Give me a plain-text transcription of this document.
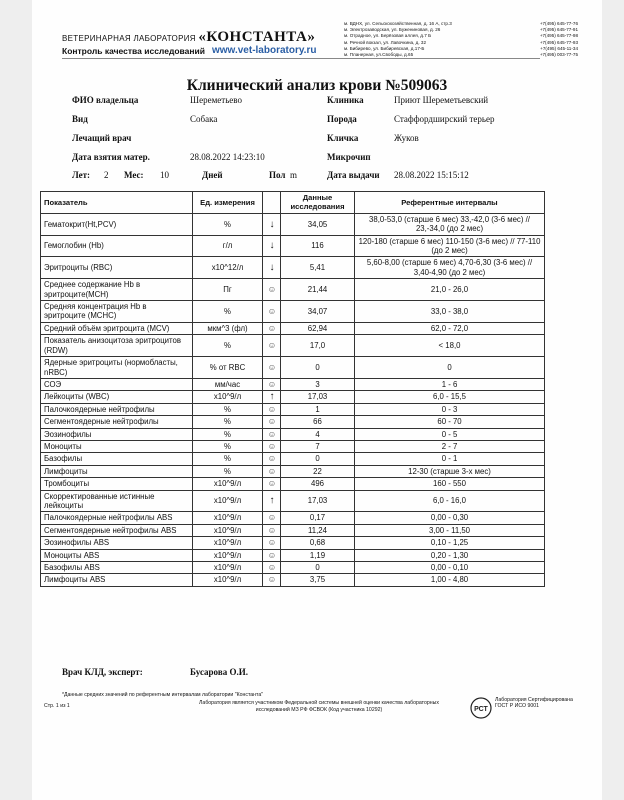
ВЕТЕРИНАРНАЯ ЛАБОРАТОРИЯ «КОНСТАНТА»
Контроль качества исследований www.vet-laboratory.ru
м. ВДНХ, ул. Сельскохозяйственная, д. 16 А, стр.3	+7(495) 645-77-76
м. Электрозаводская, ул. Бужениновая, д. 26	+7(495) 645-77-91
м. Отрадное, ул. Берёзовая аллея, д.7 Б	+7(495) 645-77-98
м. Речной вокзал, ул. Лавочкина, д. 32	+7(495) 645-77-93
м. Бибирево, ул. Бибиревская, д.17-Б	+7(495) 645-11-34
м. Планерная, ул.Свободы, д.65	+7(495) 003-77-75
Клинический анализ крови №509063
ФИО владельца	Шереметьево	Клиника	Приют Шереметьевский
Вид	Собака	Порода	Стаффордширский терьер
Лечащий врач	Кличка	Жуков
Дата взятия матер.	28.08.2022 14:23:10	Микрочип
Лет: 2 Мес: 10	Дней	Пол m	Дата выдачи 28.08.2022 15:15:12
Показатель	Ед. измерения		Данные исследования	Референтные интервалы
Гематокрит(Ht,PCV)	%	↓	34,05	38,0-53,0 (старше 6 мес) 33,-42,0 (3-6 мес) // 23,-34,0 (до 2 мес)
Гемоглобин (Hb)	г/л	↓	116	120-180 (старше 6 мес) 110-150 (3-6 мес) // 77-110 (до 2 мес)
Эритроциты (RBC)	х10^12/л	↓	5,41	5,60-8,00 (старше 6 мес) 4,70-6,30 (3-6 мес) // 3,40-4,90 (до 2 мес)
Среднее содержание Hb в эритроците(MCH)	Пг	☺	21,44	21,0 - 26,0
Средняя концентрация Hb в эритроците (MCHC)	%	☺	34,07	33,0 - 38,0
Средний объём эритроцита (MCV)	мкм^3 (фл)	☺	62,94	62,0 - 72,0
Показатель анизоцитоза эритроцитов (RDW)	%	☺	17,0	< 18,0
Ядерные эритроциты (нормобласты, nRBC)	% от RBC	☺	0	0
СОЭ	мм/час	☺	3	1 - 6
Лейкоциты (WBC)	х10^9/л	↑	17,03	6,0 - 15,5
Палочкоядерные нейтрофилы	%	☺	1	0 - 3
Сегментоядерные нейтрофилы	%	☺	66	60 - 70
Эозинофилы	%	☺	4	0 - 5
Моноциты	%	☺	7	2 - 7
Базофилы	%	☺	0	0 - 1
Лимфоциты	%	☺	22	12-30 (старше 3-х мес)
Тромбоциты	х10^9/л	☺	496	160 - 550
Скорректированные истинные лейкоциты	х10^9/л	↑	17,03	6,0 - 16,0
Палочкоядерные нейтрофилы ABS	х10^9/л	☺	0,17	0,00 - 0,30
Сегментоядерные нейтрофилы ABS	х10^9/л	☺	11,24	3,00 - 11,50
Эозинофилы ABS	х10^9/л	☺	0,68	0,10 - 1,25
Моноциты ABS	х10^9/л	☺	1,19	0,20 - 1,30
Базофилы ABS	х10^9/л	☺	0	0,00 - 0,10
Лимфоциты ABS	х10^9/л	☺	3,75	1,00 - 4,80
Врач КЛД, эксперт:	Бусарова О.И.
*Данные средних значений по референтным интервалам лаборатории "Константа"
Стр. 1 из 1	Лаборатория является участником Федеральной системы внешней оценки качества лабораторных исследований МЗ РФ ФСВОК (Код участника 10292)	РСТ
Лаборатория Сертифицирована ГОСТ Р ИСО 9001
